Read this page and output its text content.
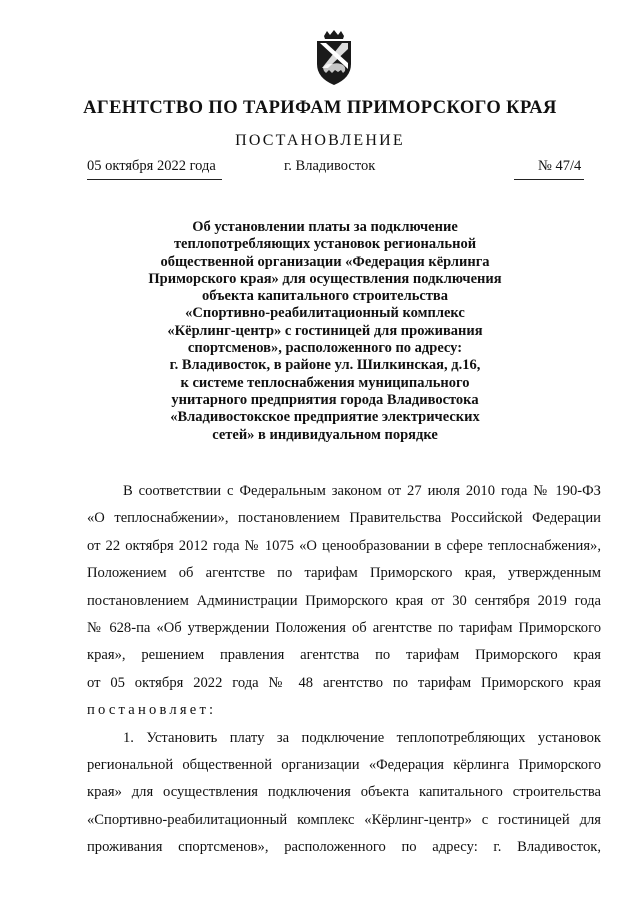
АГЕНТСТВО ПО ТАРИФАМ ПРИМОРСКОГО КРАЯ
ПОСТАНОВЛЕНИЕ
05 октября 2022 года	г. Владивосток	№ 47/4
Об установлении платы за подключение
теплопотребляющих установок региональной
общественной организации «Федерация кёрлинга
Приморского края» для осуществления подключения
объекта капитального строительства
«Спортивно-реабилитационный комплекс
«Кёрлинг-центр» с гостиницей для проживания
спортсменов», расположенного по адресу:
г. Владивосток, в районе ул. Шилкинская, д.16,
к системе теплоснабжения муниципального
унитарного предприятия города Владивостока
«Владивостокское предприятие электрических
сетей» в индивидуальном порядке
В соответствии с Федеральным законом от 27 июля 2010 года № 190-ФЗ
«О теплоснабжении», постановлением Правительства Российской Федерации
от 22 октября 2012 года № 1075 «О ценообразовании в сфере теплоснабжения»,
Положением об агентстве по тарифам Приморского края, утвержденным
постановлением Администрации Приморского края от 30 сентября 2019 года
№ 628-па «Об утверждении Положения об агентстве по тарифам Приморского
края», решением правления агентства по тарифам Приморского края
от 05 октября 2022 года № 48 агентство по тарифам Приморского края
постановляет:
1. Установить плату за подключение теплопотребляющих установок
региональной общественной организации «Федерация кёрлинга Приморского
края» для осуществления подключения объекта капитального строительства
«Спортивно-реабилитационный комплекс «Кёрлинг-центр» с гостиницей для
проживания спортсменов», расположенного по адресу: г. Владивосток,
